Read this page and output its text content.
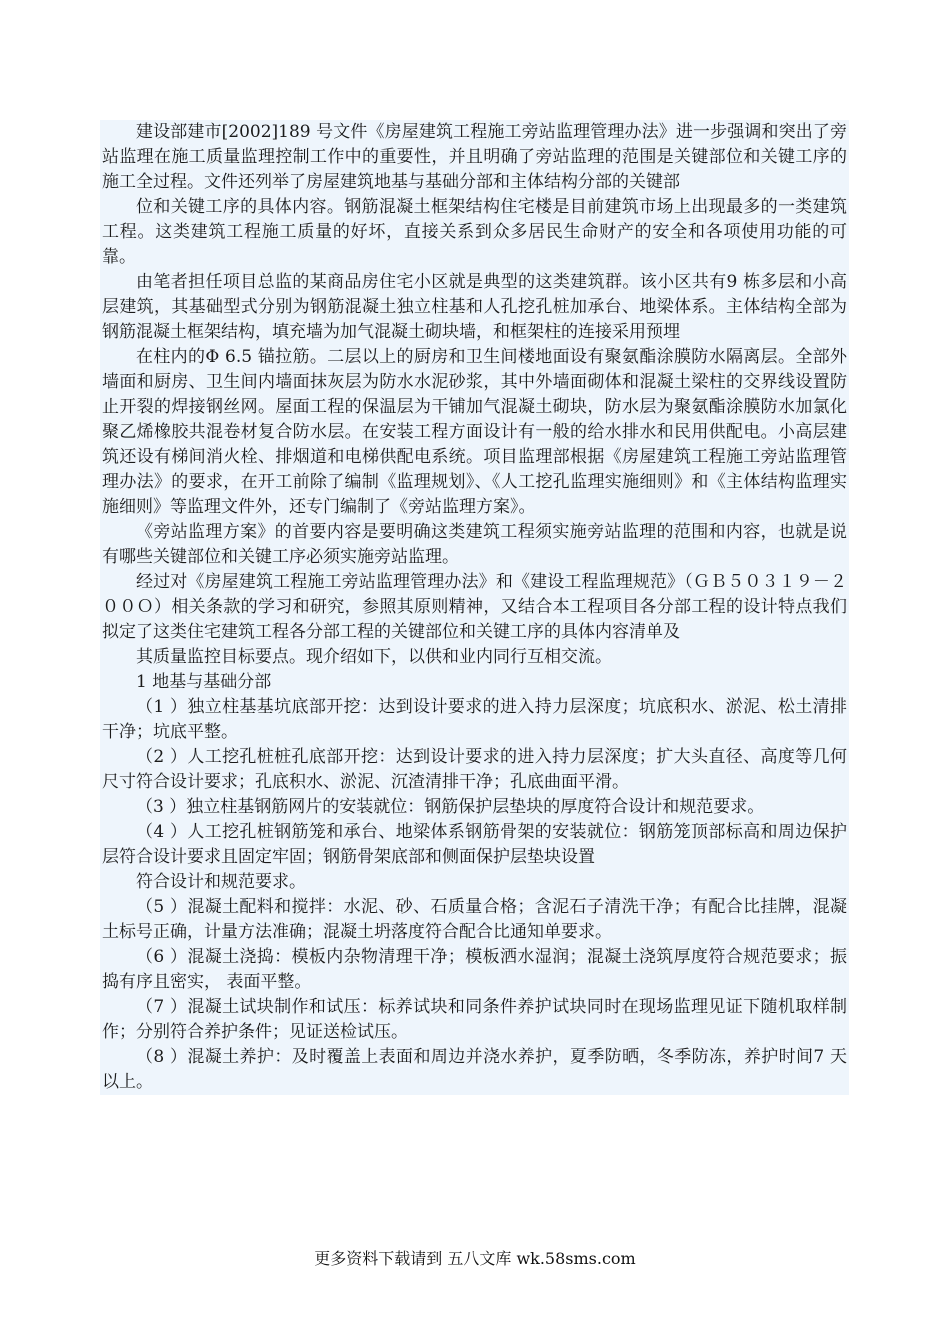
建设部建市[2002]189 号文件《房屋建筑工程施工旁站监理管理办法》进一步强调和突出了旁站监理在施工质量监理控制工作中的重要性，并且明确了旁站监理的范围是关键部位和关键工序的施工全过程。文件还列举了房屋建筑地基与基础分部和主体结构分部的关键部

位和关键工序的具体内容。钢筋混凝土框架结构住宅楼是目前建筑市场上出现最多的一类建筑工程。这类建筑工程施工质量的好坏，直接关系到众多居民生命财产的安全和各项使用功能的可靠。

由笔者担任项目总监的某商品房住宅小区就是典型的这类建筑群。该小区共有9 栋多层和小高层建筑，其基础型式分别为钢筋混凝土独立柱基和人孔挖孔桩加承台、地梁体系。主体结构全部为钢筋混凝土框架结构，填充墙为加气混凝土砌块墙，和框架柱的连接采用预埋

在柱内的Φ 6.5 锚拉筋。二层以上的厨房和卫生间楼地面设有聚氨酯涂膜防水隔离层。全部外墙面和厨房、卫生间内墙面抹灰层为防水水泥砂浆，其中外墙面砌体和混凝土梁柱的交界线设置防止开裂的焊接钢丝网。屋面工程的保温层为干铺加气混凝土砌块，防水层为聚氨酯涂膜防水加氯化聚乙烯橡胶共混卷材复合防水层。在安装工程方面设计有一般的给水排水和民用供配电。小高层建筑还设有梯间消火栓、排烟道和电梯供配电系统。项目监理部根据《房屋建筑工程施工旁站监理管理办法》的要求，在开工前除了编制《监理规划》、《人工挖孔监理实施细则》和《主体结构监理实施细则》等监理文件外，还专门编制了《旁站监理方案》。

《旁站监理方案》的首要内容是要明确这类建筑工程须实施旁站监理的范围和内容，也就是说有哪些关键部位和关键工序必须实施旁站监理。

经过对《房屋建筑工程施工旁站监理管理办法》和《建设工程监理规范》（ＧＢ５０３１９－２００Ｏ）相关条款的学习和研究，参照其原则精神，又结合本工程项目各分部工程的设计特点我们拟定了这类住宅建筑工程各分部工程的关键部位和关键工序的具体内容清单及

其质量监控目标要点。现介绍如下，以供和业内同行互相交流。

1 地基与基础分部

（1 ）独立柱基基坑底部开挖：达到设计要求的进入持力层深度；坑底积水、淤泥、松土清排干净；坑底平整。

（2 ）人工挖孔桩桩孔底部开挖：达到设计要求的进入持力层深度；扩大头直径、高度等几何尺寸符合设计要求；孔底积水、淤泥、沉渣清排干净；孔底曲面平滑。

（3 ）独立柱基钢筋网片的安装就位：钢筋保护层垫块的厚度符合设计和规范要求。

（4 ）人工挖孔桩钢筋笼和承台、地梁体系钢筋骨架的安装就位：钢筋笼顶部标高和周边保护层符合设计要求且固定牢固；钢筋骨架底部和侧面保护层垫块设置

符合设计和规范要求。

（5 ）混凝土配料和搅拌：水泥、砂、石质量合格；含泥石子清洗干净；有配合比挂牌，混凝土标号正确，计量方法准确；混凝土坍落度符合配合比通知单要求。

（6 ）混凝土浇捣：模板内杂物清理干净；模板洒水湿润；混凝土浇筑厚度符合规范要求；振捣有序且密实， 表面平整。

（7 ）混凝土试块制作和试压：标养试块和同条件养护试块同时在现场监理见证下随机取样制作；分别符合养护条件；见证送检试压。

（8 ）混凝土养护：及时覆盖上表面和周边并浇水养护，夏季防晒，冬季防冻，养护时间7 天以上。

更多资料下载请到 五八文库 wk.58sms.com
